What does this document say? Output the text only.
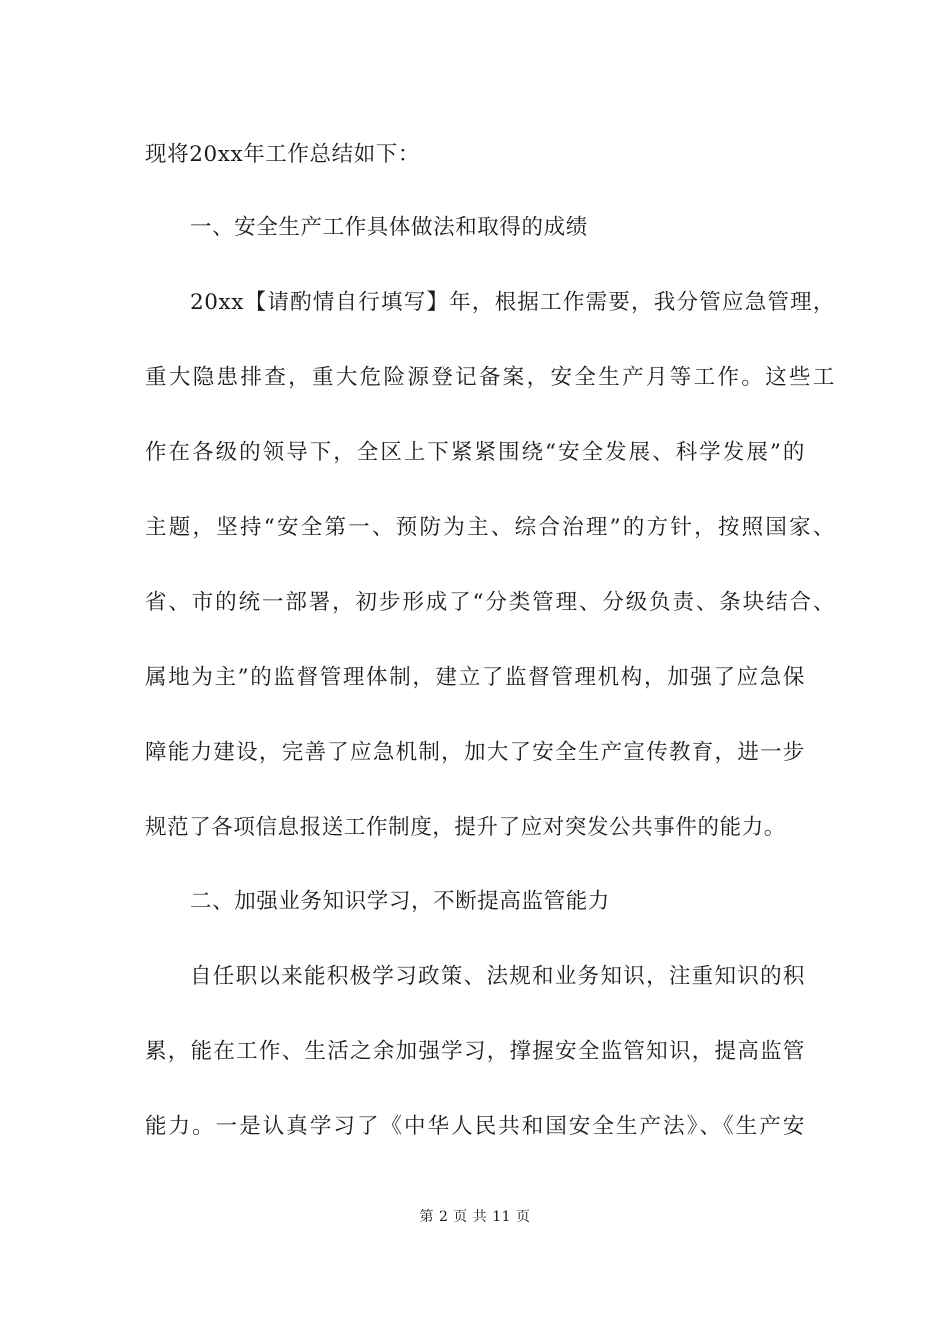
现将20xx年工作总结如下：
一、安全生产工作具体做法和取得的成绩
20xx【请酌情自行填写】年，根据工作需要，我分管应急管理，
重大隐患排查，重大危险源登记备案，安全生产月等工作。这些工
作在各级的领导下，全区上下紧紧围绕“安全发展、科学发展”的
主题，坚持“安全第一、预防为主、综合治理”的方针，按照国家、
省、市的统一部署，初步形成了“分类管理、分级负责、条块结合、
属地为主”的监督管理体制，建立了监督管理机构，加强了应急保
障能力建设，完善了应急机制，加大了安全生产宣传教育，进一步
规范了各项信息报送工作制度，提升了应对突发公共事件的能力。
二、加强业务知识学习，不断提高监管能力
自任职以来能积极学习政策、法规和业务知识，注重知识的积
累，能在工作、生活之余加强学习，撑握安全监管知识，提高监管
能力。一是认真学习了《中华人民共和国安全生产法》、《生产安
第 2 页 共 11 页
